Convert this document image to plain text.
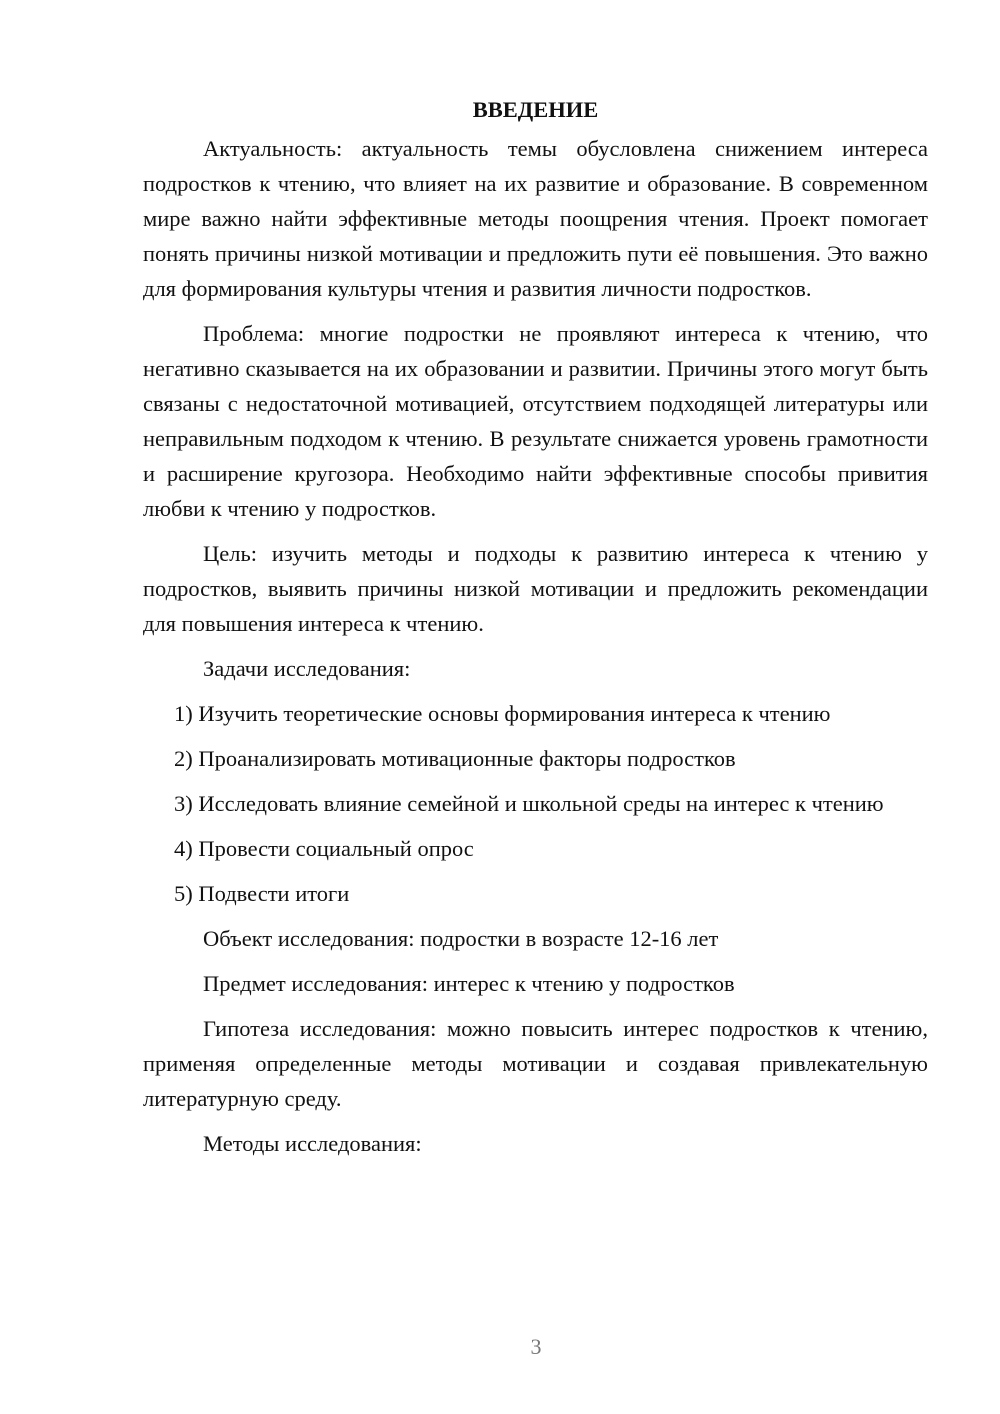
ВВЕДЕНИЕ

Актуальность: актуальность темы обусловлена снижением интереса подростков к чтению, что влияет на их развитие и образование. В современном мире важно найти эффективные методы поощрения чтения. Проект помогает понять причины низкой мотивации и предложить пути её повышения. Это важно для формирования культуры чтения и развития личности подростков.

Проблема: многие подростки не проявляют интереса к чтению, что негативно сказывается на их образовании и развитии. Причины этого могут быть связаны с недостаточной мотивацией, отсутствием подходящей литературы или неправильным подходом к чтению. В результате снижается уровень грамотности и расширение кругозора. Необходимо найти эффективные способы привития любви к чтению у подростков.

Цель: изучить методы и подходы к развитию интереса к чтению у подростков, выявить причины низкой мотивации и предложить рекомендации для повышения интереса к чтению.

Задачи исследования:

1) Изучить теоретические основы формирования интереса к чтению

2) Проанализировать мотивационные факторы подростков

3) Исследовать влияние семейной и школьной среды на интерес к чтению

4) Провести социальный опрос

5) Подвести итоги

Объект исследования: подростки в возрасте 12-16 лет

Предмет исследования: интерес к чтению у подростков

Гипотеза исследования: можно повысить интерес подростков к чтению, применяя определенные методы мотивации и создавая привлекательную литературную среду.

Методы исследования:

3
